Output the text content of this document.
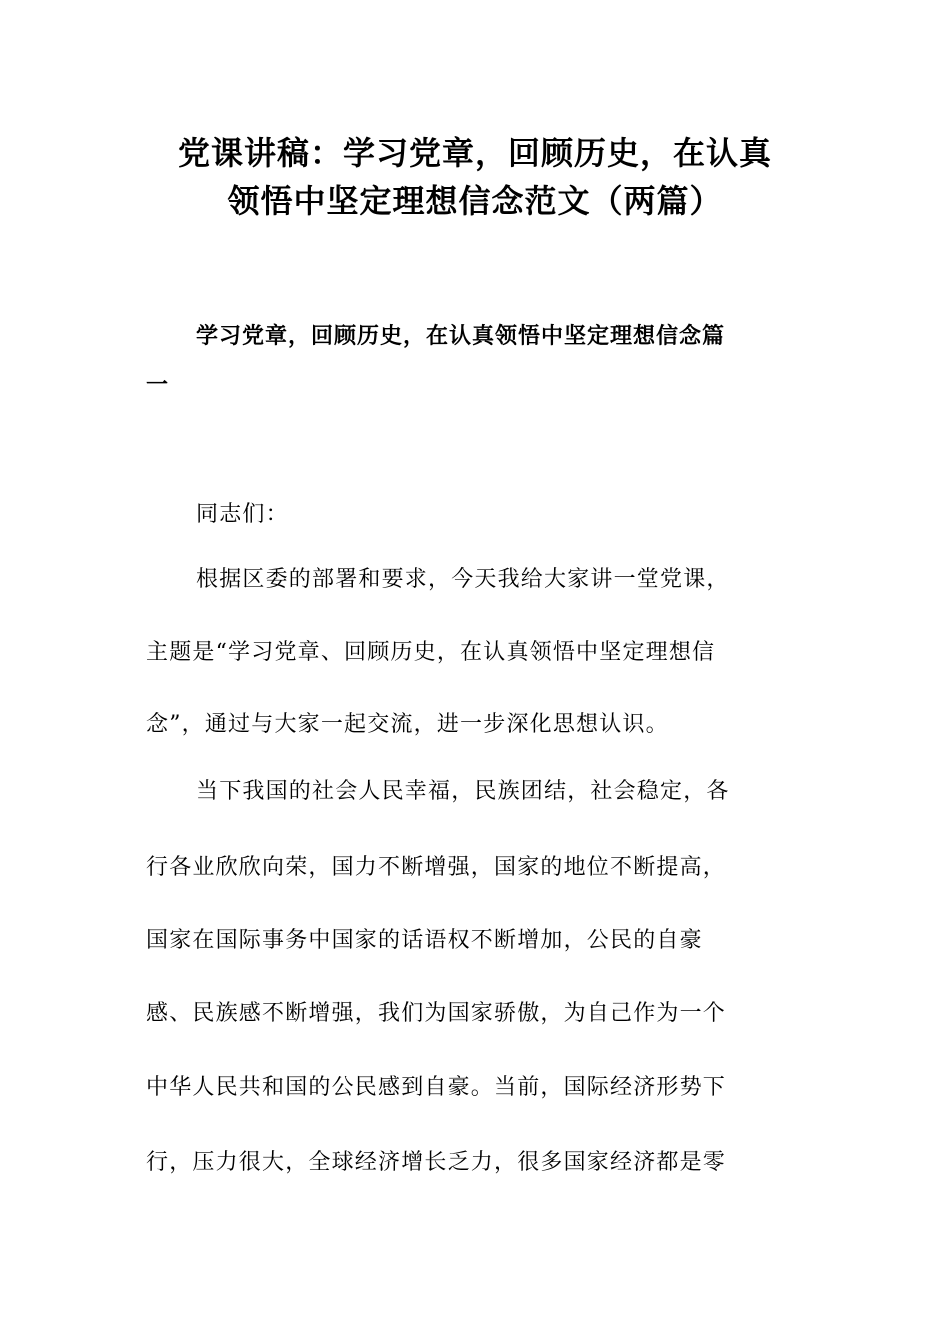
党课讲稿：学习党章，回顾历史，在认真
领悟中坚定理想信念范文（两篇）
学习党章，回顾历史，在认真领悟中坚定理想信念篇
一
同志们：
根据区委的部署和要求，今天我给大家讲一堂党课，
主题是“学习党章、回顾历史，在认真领悟中坚定理想信
念”，通过与大家一起交流，进一步深化思想认识。
当下我国的社会人民幸福，民族团结，社会稳定，各
行各业欣欣向荣，国力不断增强，国家的地位不断提高，
国家在国际事务中国家的话语权不断增加，公民的自豪
感、民族感不断增强，我们为国家骄傲，为自己作为一个
中华人民共和国的公民感到自豪。当前，国际经济形势下
行，压力很大，全球经济增长乏力，很多国家经济都是零
